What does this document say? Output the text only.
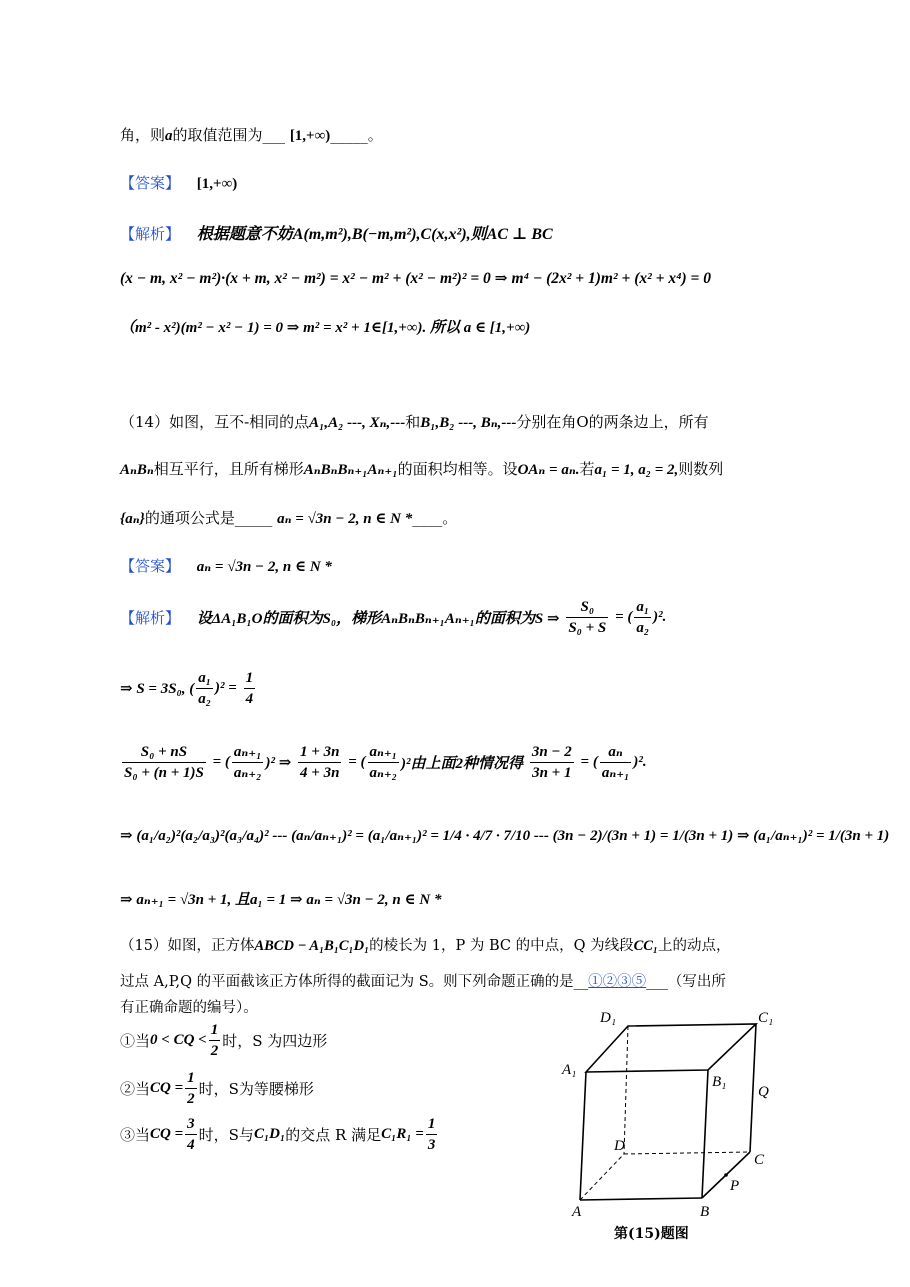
角，则a的取值范围为___ [1,+∞)_____。
【答案】 [1,+∞)
【解析】 根据题意不妨A(m,m²),B(−m,m²),C(x,x²),则AC ⊥ BC
(x − m, x² − m²)·(x + m, x² − m²) = x² − m² + (x² − m²)² = 0 ⇒ m⁴ − (2x² + 1)m² + (x² + x⁴) = 0
（m² - x²)(m² − x² − 1) = 0 ⇒ m² = x² + 1∈[1,+∞). 所以 a ∈ [1,+∞)
（14）如图，互不-相同的点A₁,A₂ ---, Xₙ,---和B₁,B₂ ---, Bₙ,---分别在角O的两条边上，所有
AₙBₙ相互平行，且所有梯形AₙBₙBₙ₊₁Aₙ₊₁的面积均相等。设OAₙ = aₙ.若a₁ = 1, a₂ = 2,则数列
{aₙ}的通项公式是_____ aₙ = √3n − 2, n ∈ N *____。
【答案】 aₙ = √3n − 2, n ∈ N *
【解析】 设ΔA₁B₁O的面积为S₀，梯形AₙBₙBₙ₊₁Aₙ₊₁的面积为S ⇒ $\frac{\text{S₀}}{\text{S₀ + S}}$ = ( $\frac{\text{a₁}}{\text{a₂}} )^2$.
⇒ S = 3S₀, ( $\frac{\text{a₁}}{\text{a₂}} )^2 = \frac{1}{4}$
$\frac{\text{S₀ + nS}}{\text{S₀ + (n + 1)S}}$ = ( $\frac{\text{aₙ₊₁}}{\text{aₙ₊₂}} )^2$ ⇒ $\frac{1 + 3n}{4 + 3n}$ = ( $\frac{\text{aₙ₊₁}}{\text{aₙ₊₂}} )^2$由上面2种情况得 $\frac{3n - 2}{3n + 1}$ = ( $\frac{\text{aₙ}}{\text{aₙ₊₁}} )^2$.
⇒ (a₁/a₂)²(a₂/a₃)²(a₃/a₄)² --- (aₙ/aₙ₊₁)² = (a₁/aₙ₊₁)² = 1/4 · 4/7 · 7/10 --- (3n − 2)/(3n + 1) = 1/(3n + 1) ⇒ (a₁/aₙ₊₁)² = 1/(3n + 1)
⇒ aₙ₊₁ = √3n + 1, 且a₁ = 1 ⇒ aₙ = √3n − 2, n ∈ N *
（15）如图，正方体ABCD − A₁B₁C₁D₁的棱长为 1，P 为 BC 的中点，Q 为线段CC₁上的动点，
过点 A,P,Q 的平面截该正方体所得的截面记为 S。则下列命题正确的是__①②③⑤___（写出所
有正确命题的编号）。
①当0 < CQ < $\frac{1}{2}$ 时，S 为四边形
②当CQ = $\frac{1}{2}$ 时，S为等腰梯形
③当CQ = $\frac{3}{4}$ 时，S与C₁D₁的交点 R 满足$C_1R_1 = \frac{1}{3}$
D₁	C₁
A₁
B₁
Q
D
C
A	B
P
第(15)题图
